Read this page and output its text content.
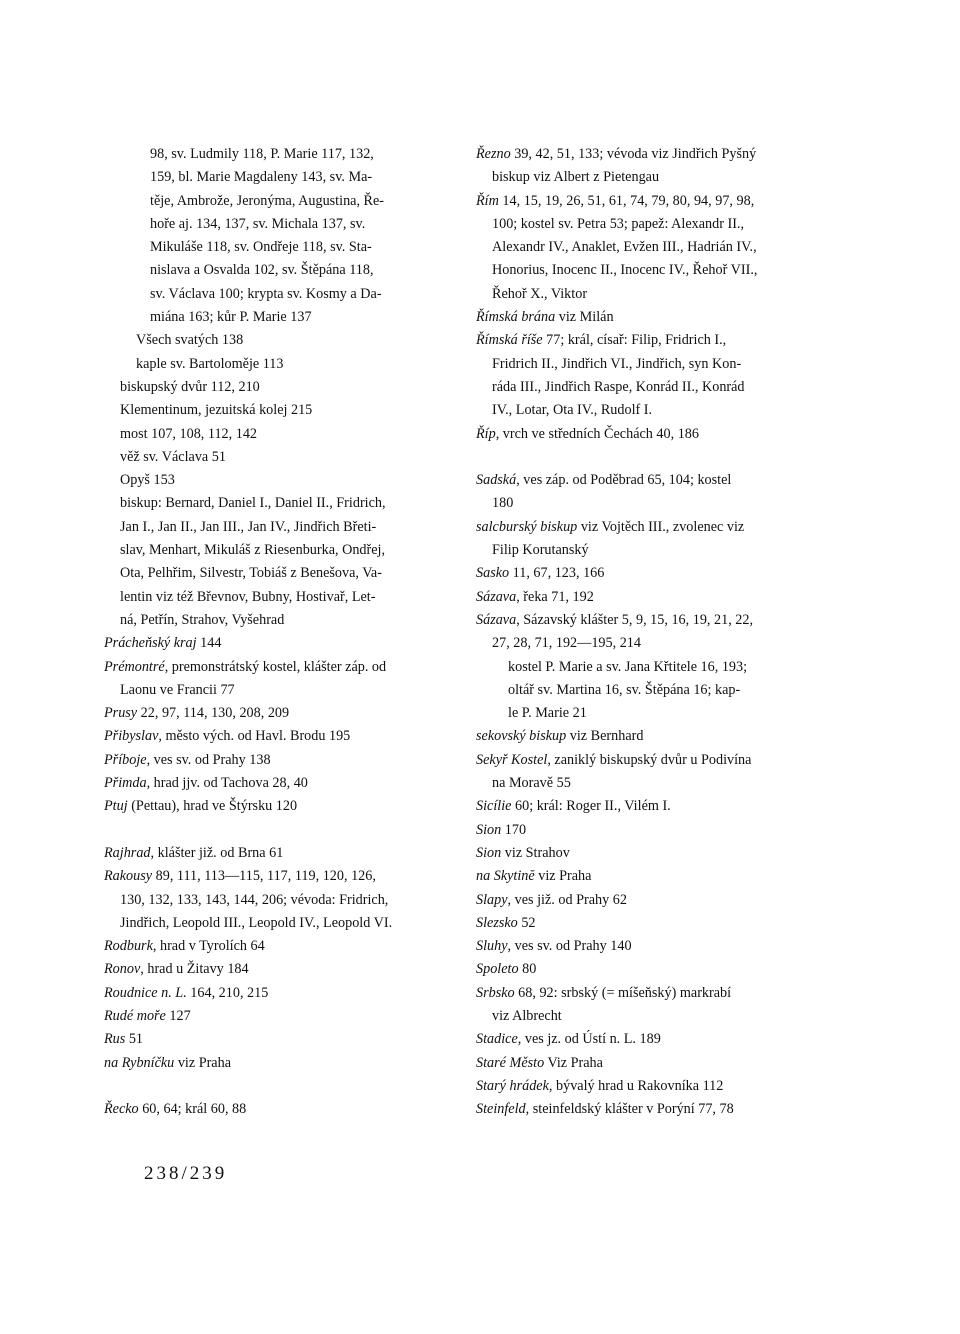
98, sv. Ludmily 118, P. Marie 117, 132,
159, bl. Marie Magdaleny 143, sv. Ma-
těje, Ambrože, Jeronýma, Augustina, Ře-
hoře aj. 134, 137, sv. Michala 137, sv.
Mikuláše 118, sv. Ondřeje 118, sv. Sta-
nislava a Osvalda 102, sv. Štěpána 118,
sv. Václava 100; krypta sv. Kosmy a Da-
miána 163; kůr P. Marie 137
Všech svatých 138
kaple sv. Bartoloměje 113
biskupský dvůr 112, 210
Klementinum, jezuitská kolej 215
most 107, 108, 112, 142
věž sv. Václava 51
Opyš 153
biskup: Bernard, Daniel I., Daniel II., Fridrich,
Jan I., Jan II., Jan III., Jan IV., Jindřich Břeti-
slav, Menhart, Mikuláš z Riesenburka, Ondřej,
Ota, Pelhřim, Silvestr, Tobiáš z Benešova, Va-
lentin viz též Břevnov, Bubny, Hostivař, Let-
ná, Petřín, Strahov, Vyšehrad
Prácheňský kraj 144
Prémontré, premonstrátský kostel, klášter záp. od
Laonu ve Francii 77
Prusy 22, 97, 114, 130, 208, 209
Přibyslav, město vých. od Havl. Brodu 195
Příboje, ves sv. od Prahy 138
Přimda, hrad jjv. od Tachova 28, 40
Ptuj (Pettau), hrad ve Štýrsku 120
Rajhrad, klášter již. od Brna 61
Rakousy 89, 111, 113—115, 117, 119, 120, 126,
130, 132, 133, 143, 144, 206; vévoda: Fridrich,
Jindřich, Leopold III., Leopold IV., Leopold VI.
Rodburk, hrad v Tyrolích 64
Ronov, hrad u Žitavy 184
Roudnice n. L. 164, 210, 215
Rudé moře 127
Rus 51
na Rybníčku viz Praha
Řecko 60, 64; král 60, 88
Řezno 39, 42, 51, 133; vévoda viz Jindřich Pyšný
biskup viz Albert z Pietengau
Řím 14, 15, 19, 26, 51, 61, 74, 79, 80, 94, 97, 98,
100; kostel sv. Petra 53; papež: Alexandr II.,
Alexandr IV., Anaklet, Evžen III., Hadrián IV.,
Honorius, Inocenc II., Inocenc IV., Řehoř VII.,
Řehoř X., Viktor
Římská brána viz Milán
Římská říše 77; král, císař: Filip, Fridrich I.,
Fridrich II., Jindřich VI., Jindřich, syn Kon-
ráda III., Jindřich Raspe, Konrád II., Konrád
IV., Lotar, Ota IV., Rudolf I.
Říp, vrch ve středních Čechách 40, 186
Sadská, ves záp. od Poděbrad 65, 104; kostel
180
salcburský biskup viz Vojtěch III., zvolenec viz
Filip Korutanský
Sasko 11, 67, 123, 166
Sázava, řeka 71, 192
Sázava, Sázavský klášter 5, 9, 15, 16, 19, 21, 22,
27, 28, 71, 192—195, 214
kostel P. Marie a sv. Jana Křtitele 16, 193;
oltář sv. Martina 16, sv. Štěpána 16; kap-
le P. Marie 21
sekovský biskup viz Bernhard
Sekyř Kostel, zaniklý biskupský dvůr u Podivína
na Moravě 55
Sicílie 60; král: Roger II., Vilém I.
Sion 170
Sion viz Strahov
na Skytinĕ viz Praha
Slapy, ves již. od Prahy 62
Slezsko 52
Sluhy, ves sv. od Prahy 140
Spoleto 80
Srbsko 68, 92: srbský (= míšeňský) markrabí
viz Albrecht
Stadice, ves jz. od Ústí n. L. 189
Staré Město Viz Praha
Starý hrádek, bývalý hrad u Rakovníka 112
Steinfeld, steinfeldský klášter v Porýní 77, 78
238/239
